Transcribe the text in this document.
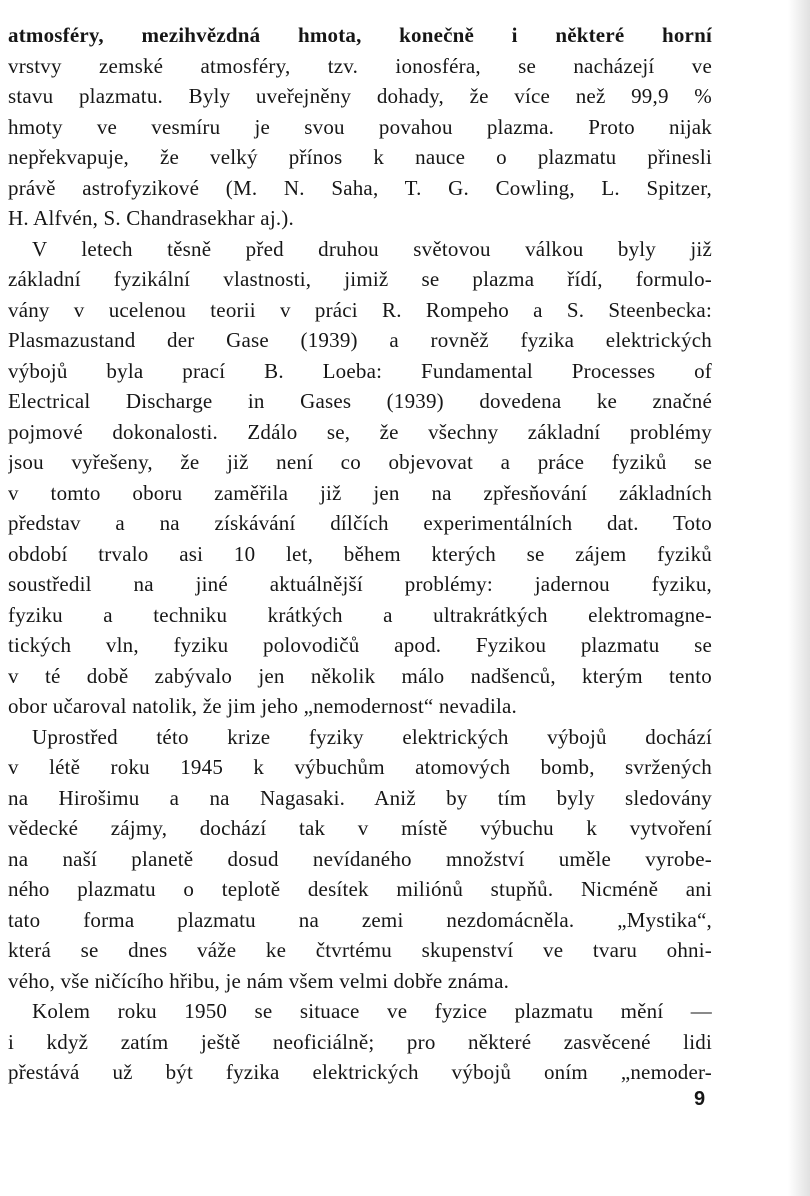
atmosféry, mezihvězdná hmota, konečně i některé horní
vrstvy zemské atmosféry, tzv. ionosféra, se nacházejí ve
stavu plazmatu. Byly uveřejněny dohady, že více než 99,9 %
hmoty ve vesmíru je svou povahou plazma. Proto nijak
nepřekvapuje, že velký přínos k nauce o plazmatu přinesli
právě astrofyzikové (M. N. Saha, T. G. Cowling, L. Spitzer,
H. Alfvén, S. Chandrasekhar aj.).
V letech těsně před druhou světovou válkou byly již
základní fyzikální vlastnosti, jimiž se plazma řídí, formulo-
vány v ucelenou teorii v práci R. Rompeho a S. Steenbecka:
Plasmazustand der Gase (1939) a rovněž fyzika elektrických
výbojů byla prací B. Loeba: Fundamental Processes of
Electrical Discharge in Gases (1939) dovedena ke značné
pojmové dokonalosti. Zdálo se, že všechny základní problémy
jsou vyřešeny, že již není co objevovat a práce fyziků se
v tomto oboru zaměřila již jen na zpřesňování základních
představ a na získávání dílčích experimentálních dat. Toto
období trvalo asi 10 let, během kterých se zájem fyziků
soustředil na jiné aktuálnější problémy: jadernou fyziku,
fyziku a techniku krátkých a ultrakrátkých elektromagne-
tických vln, fyziku polovodičů apod. Fyzikou plazmatu se
v té době zabývalo jen několik málo nadšenců, kterým tento
obor učaroval natolik, že jim jeho „nemodernost“ nevadila.
Uprostřed této krize fyziky elektrických výbojů dochází
v létě roku 1945 k výbuchům atomových bomb, svržených
na Hirošimu a na Nagasaki. Aniž by tím byly sledovány
vědecké zájmy, dochází tak v místě výbuchu k vytvoření
na naší planetě dosud nevídaného množství uměle vyrobe-
ného plazmatu o teplotě desítek miliónů stupňů. Nicméně ani
tato forma plazmatu na zemi nezdomácněla. „Mystika“,
která se dnes váže ke čtvrtému skupenství ve tvaru ohni-
vého, vše ničícího hřibu, je nám všem velmi dobře známa.
Kolem roku 1950 se situace ve fyzice plazmatu mění —
i když zatím ještě neoficiálně; pro některé zasvěcené lidi
přestává už být fyzika elektrických výbojů oním „nemoder-
9
